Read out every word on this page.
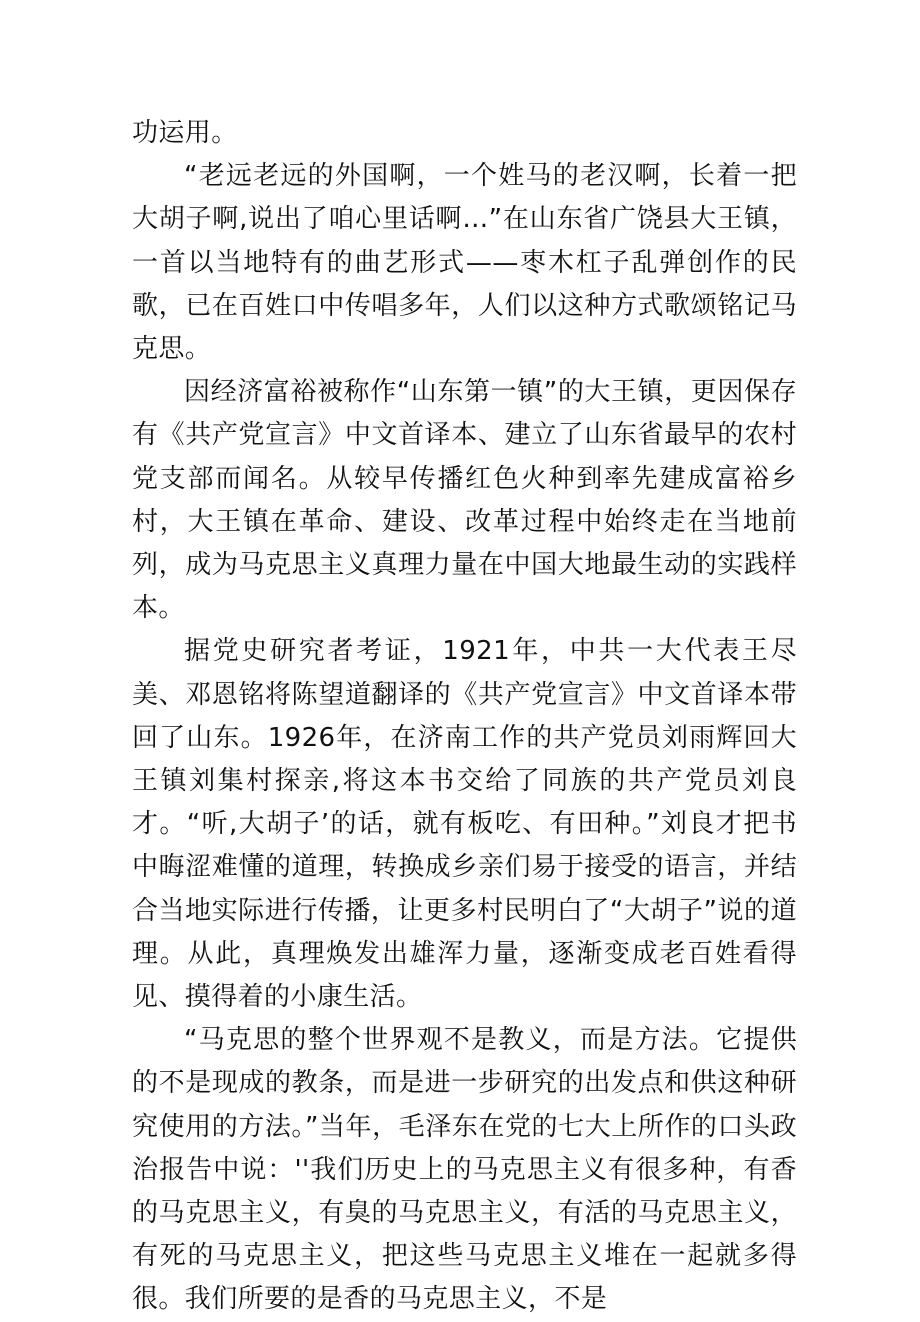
功运用。

“老远老远的外国啊，一个姓马的老汉啊，长着一把大胡子啊,说出了咱心里话啊…”在山东省广饶县大王镇，一首以当地特有的曲艺形式——枣木杠子乱弹创作的民歌，已在百姓口中传唱多年，人们以这种方式歌颂铭记马克思。

因经济富裕被称作“山东第一镇”的大王镇，更因保存有《共产党宣言》中文首译本、建立了山东省最早的农村党支部而闻名。从较早传播红色火种到率先建成富裕乡村，大王镇在革命、建设、改革过程中始终走在当地前列，成为马克思主义真理力量在中国大地最生动的实践样本。

据党史研究者考证，1921年，中共一大代表王尽美、邓恩铭将陈望道翻译的《共产党宣言》中文首译本带回了山东。1926年，在济南工作的共产党员刘雨辉回大王镇刘集村探亲,将这本书交给了同族的共产党员刘良才。“听,大胡子’的话，就有板吃、有田种。”刘良才把书中晦涩难懂的道理，转换成乡亲们易于接受的语言，并结合当地实际进行传播，让更多村民明白了“大胡子”说的道理。从此，真理焕发出雄浑力量，逐渐变成老百姓看得见、摸得着的小康生活。

“马克思的整个世界观不是教义，而是方法。它提供的不是现成的教条，而是进一步研究的出发点和供这种研究使用的方法。”当年，毛泽东在党的七大上所作的口头政治报告中说：''我们历史上的马克思主义有很多种，有香的马克思主义，有臭的马克思主义，有活的马克思主义，有死的马克思主义，把这些马克思主义堆在一起就多得很。我们所要的是香的马克思主义，不是
